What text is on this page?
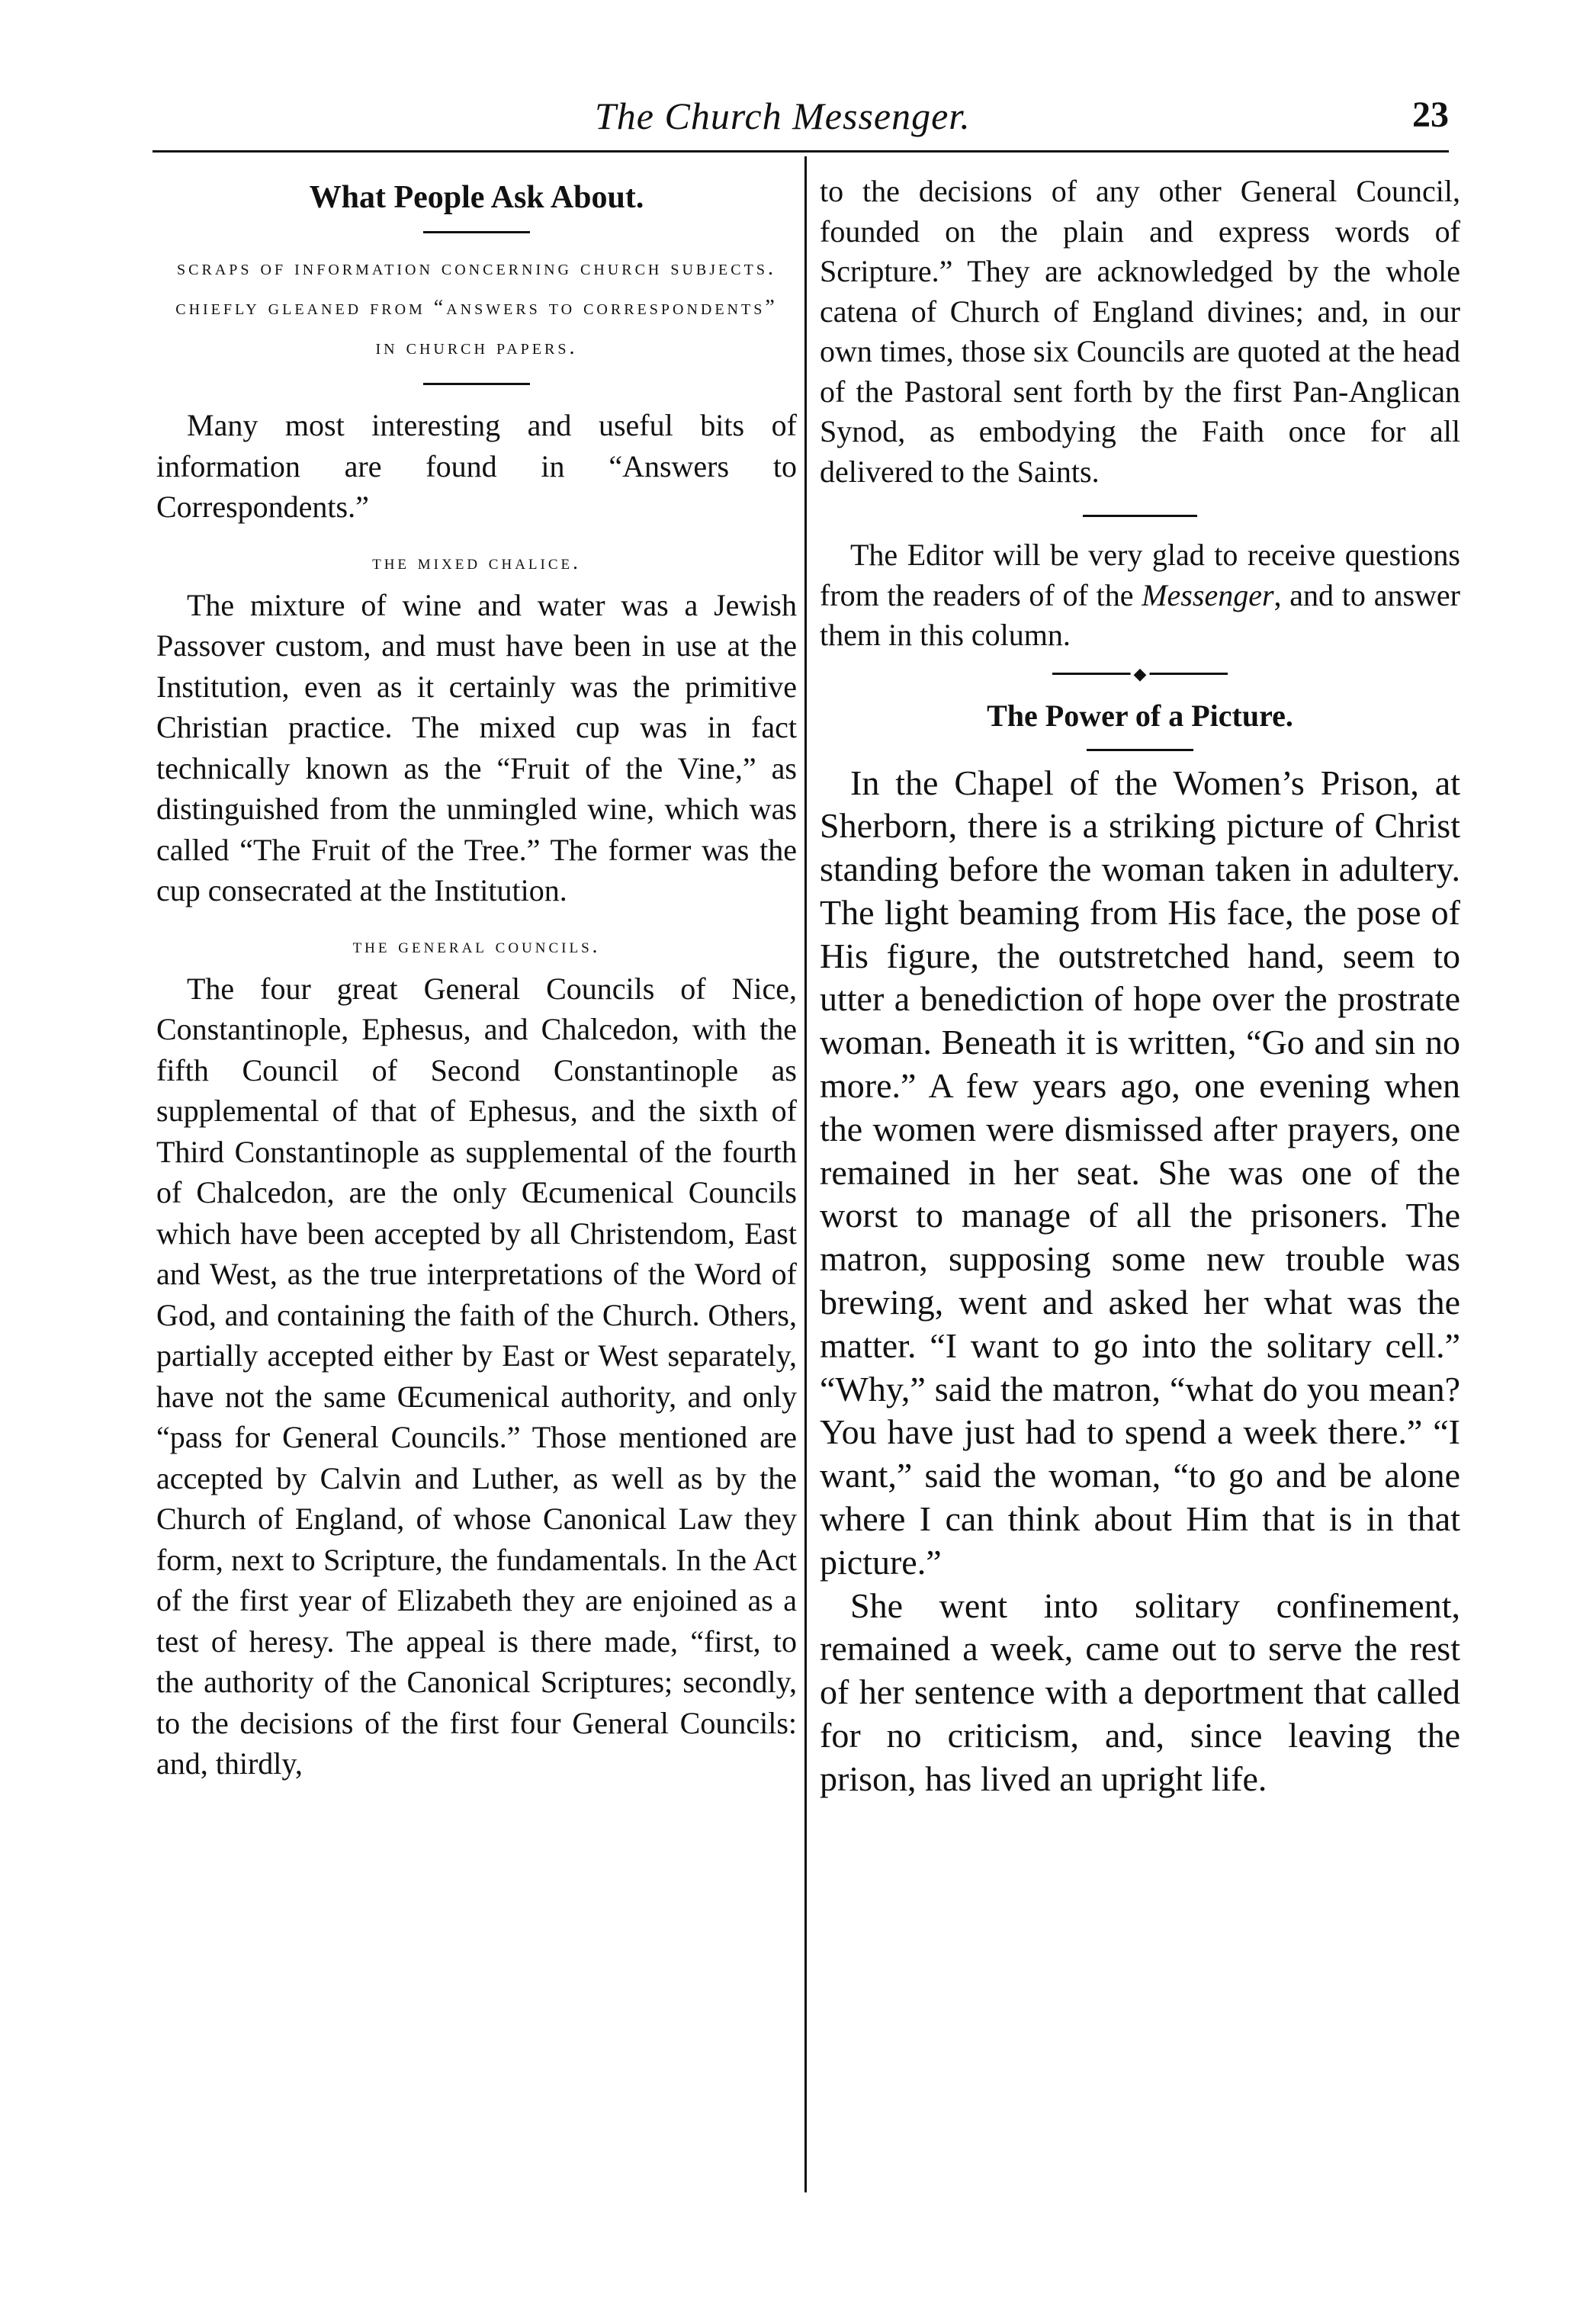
The Church Messenger.	23
What People Ask About.
scraps of information concerning church subjects. chiefly gleaned from “answers to correspondents” in church papers.

Many most interesting and useful bits of information are found in “Answers to Correspondents.”

the mixed chalice.

The mixture of wine and water was a Jewish Passover custom, and must have been in use at the Institution, even as it certainly was the primitive Christian practice. The mixed cup was in fact technically known as the “Fruit of the Vine,” as distinguished from the unmingled wine, which was called “The Fruit of the Tree.” The former was the cup consecrated at the Institution.

the general councils.

The four great General Councils of Nice, Constantinople, Ephesus, and Chalcedon, with the fifth Council of Second Constantinople as supplemental of that of Ephesus, and the sixth of Third Constantinople as supplemental of the fourth of Chalcedon, are the only Œcumenical Councils which have been accepted by all Christendom, East and West, as the true interpretations of the Word of God, and containing the faith of the Church. Others, partially accepted either by East or West separately, have not the same Œcumenical authority, and only “pass for General Councils.” Those mentioned are accepted by Calvin and Luther, as well as by the Church of England, of whose Canonical Law they form, next to Scripture, the fundamentals. In the Act of the first year of Elizabeth they are enjoined as a test of heresy. The appeal is there made, “first, to the authority of the Canonical Scriptures; secondly, to the decisions of the first four General Councils: and, thirdly,

to the decisions of any other General Council, founded on the plain and express words of Scripture.” They are acknowledged by the whole catena of Church of England divines; and, in our own times, those six Councils are quoted at the head of the Pastoral sent forth by the first Pan-Anglican Synod, as embodying the Faith once for all delivered to the Saints.

The Editor will be very glad to receive questions from the readers of of the Messenger, and to answer them in this column.

◆
The Power of a Picture.

In the Chapel of the Women’s Prison, at Sherborn, there is a striking picture of Christ standing before the woman taken in adultery. The light beaming from His face, the pose of His figure, the outstretched hand, seem to utter a benediction of hope over the prostrate woman. Beneath it is written, “Go and sin no more.” A few years ago, one evening when the women were dismissed after prayers, one remained in her seat. She was one of the worst to manage of all the prisoners. The matron, supposing some new trouble was brewing, went and asked her what was the matter. “I want to go into the solitary cell.” “Why,” said the matron, “what do you mean? You have just had to spend a week there.” “I want,” said the woman, “to go and be alone where I can think about Him that is in that picture.”

She went into solitary confinement, remained a week, came out to serve the rest of her sentence with a deportment that called for no criticism, and, since leaving the prison, has lived an upright life.
